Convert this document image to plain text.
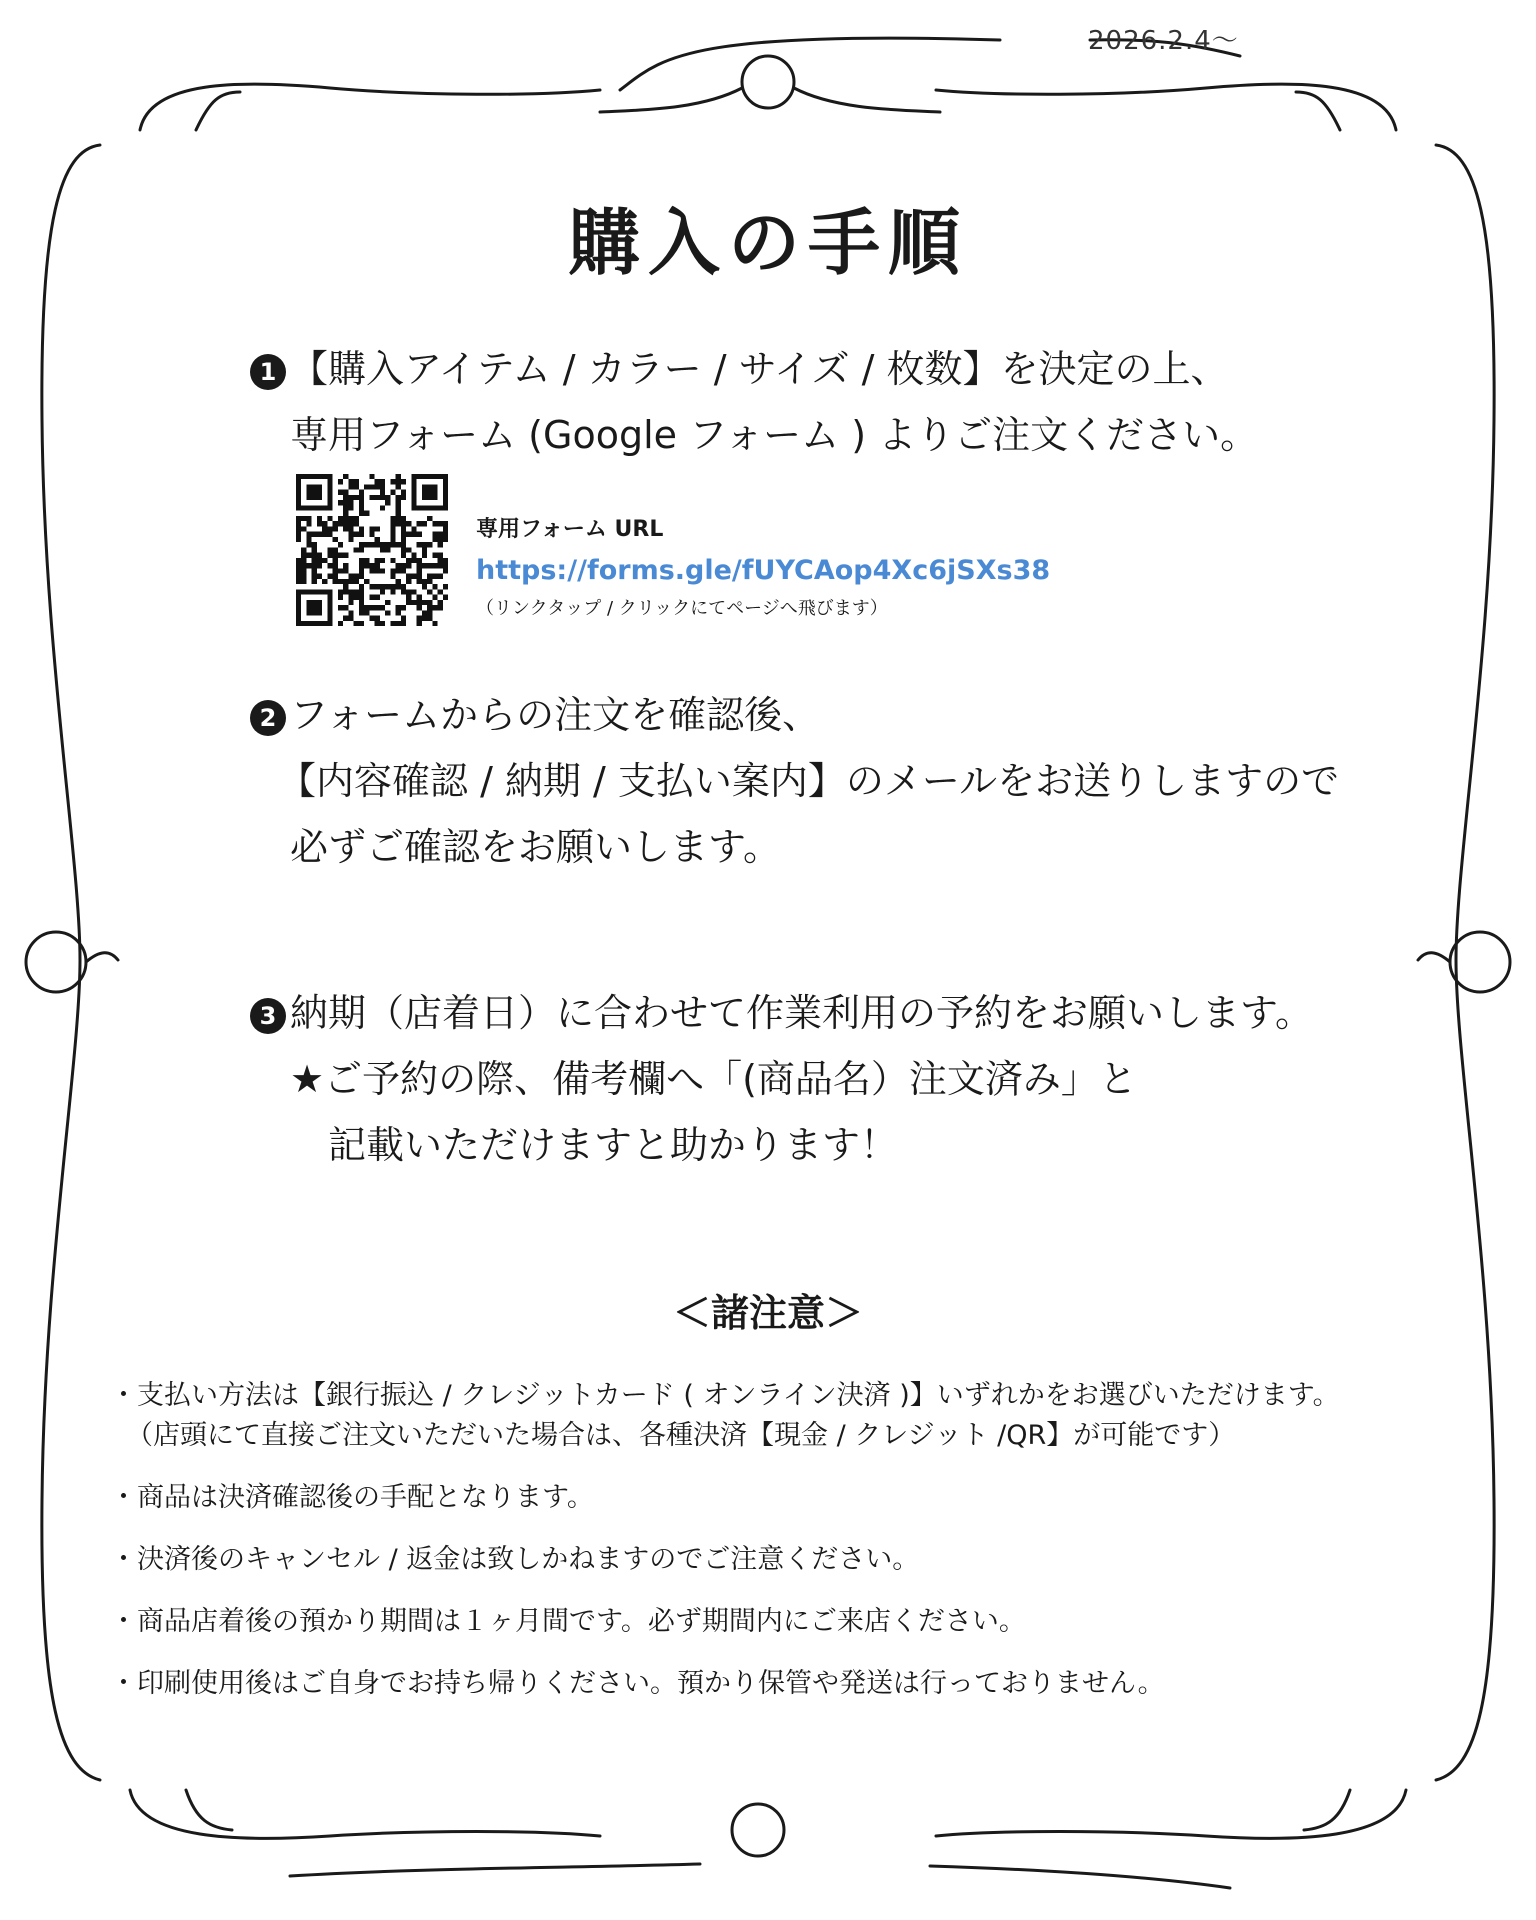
2026.2.4〜
購入の手順
1 【購入アイテム / カラー / サイズ / 枚数】を決定の上、
専用フォーム (Google フォーム ) よりご注文ください。
専用フォーム URL
https://forms.gle/fUYCAop4Xc6jSXs38
（リンクタップ / クリックにてページへ飛びます）
2 フォームからの注文を確認後、
【内容確認 / 納期 / 支払い案内】のメールをお送りしますので
必ずご確認をお願いします。
3 納期（店着日）に合わせて作業利用の予約をお願いします。
★ご予約の際、備考欄へ「(商品名）注文済み」と
記載いただけますと助かります！
＜諸注意＞
・支払い方法は【銀行振込 / クレジットカード ( オンライン決済 )】いずれかをお選びいただけます。
（店頭にて直接ご注文いただいた場合は、各種決済【現金 / クレジット /QR】が可能です）
・商品は決済確認後の手配となります。
・決済後のキャンセル / 返金は致しかねますのでご注意ください。
・商品店着後の預かり期間は１ヶ月間です。必ず期間内にご来店ください。
・印刷使用後はご自身でお持ち帰りください。預かり保管や発送は行っておりません。
